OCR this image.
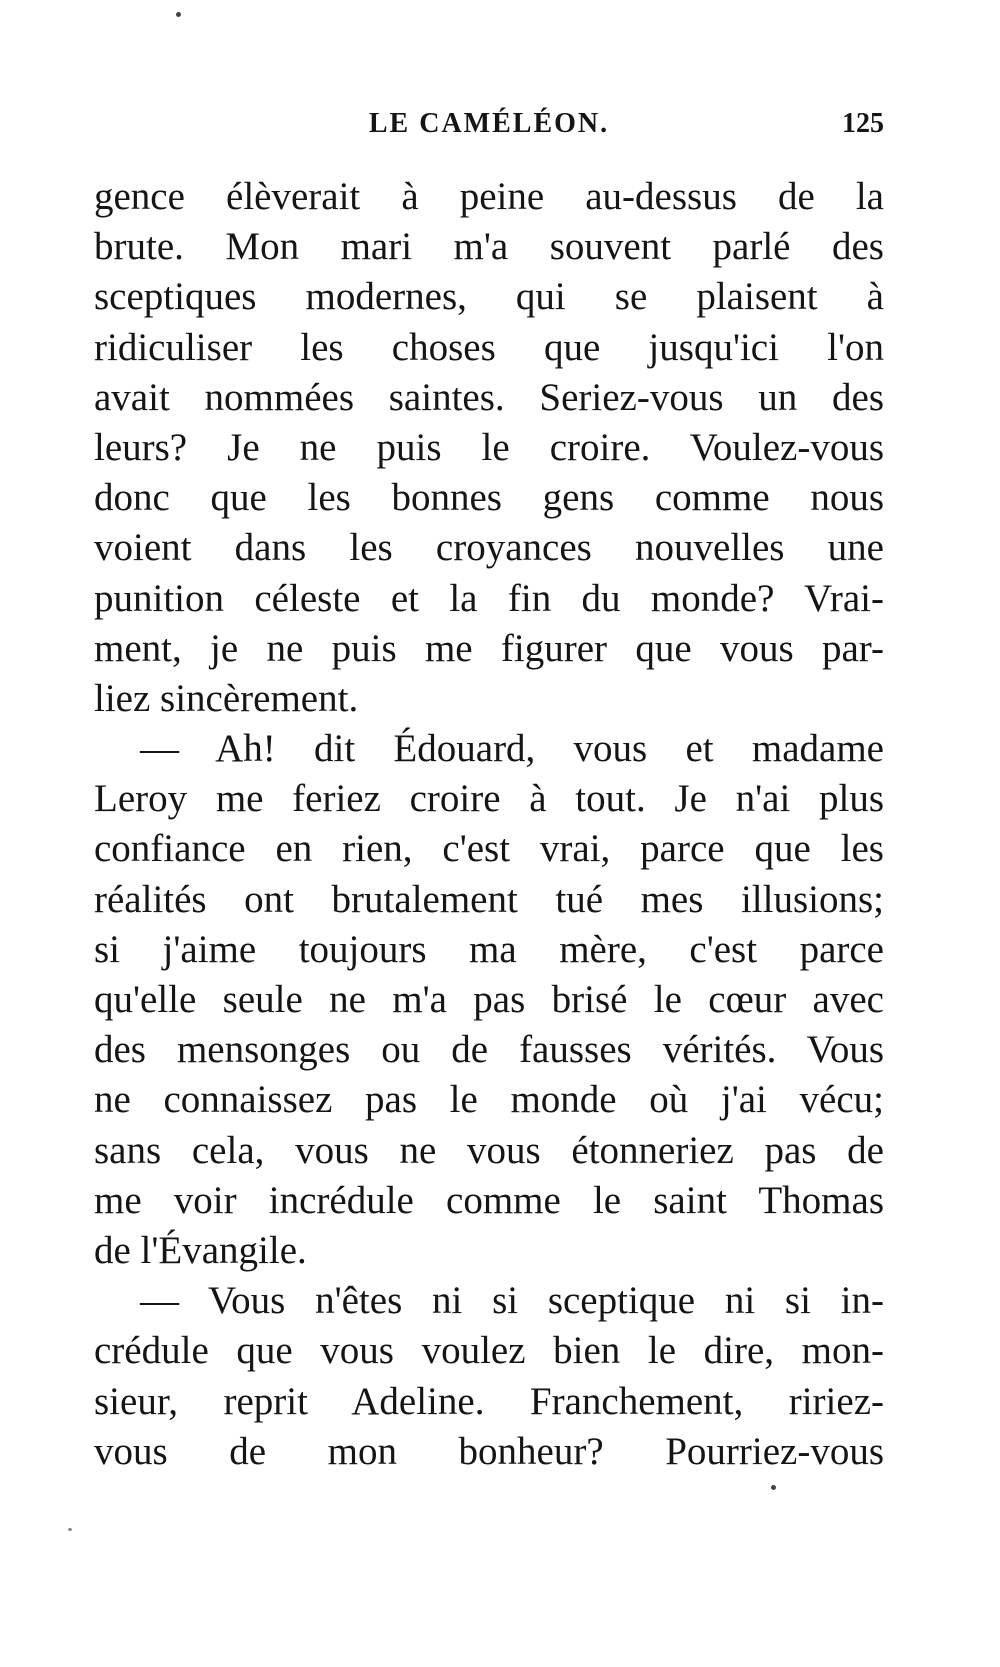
LE CAMÉLÉON.	125
gence élèverait à peine au-dessus de la
brute. Mon mari m'a souvent parlé des
sceptiques modernes, qui se plaisent à
ridiculiser les choses que jusqu'ici l'on
avait nommées saintes. Seriez-vous un des
leurs? Je ne puis le croire. Voulez-vous
donc que les bonnes gens comme nous
voient dans les croyances nouvelles une
punition céleste et la fin du monde? Vrai-
ment, je ne puis me figurer que vous par-
liez sincèrement.
— Ah! dit Édouard, vous et madame
Leroy me feriez croire à tout. Je n'ai plus
confiance en rien, c'est vrai, parce que les
réalités ont brutalement tué mes illusions;
si j'aime toujours ma mère, c'est parce
qu'elle seule ne m'a pas brisé le cœur avec
des mensonges ou de fausses vérités. Vous
ne connaissez pas le monde où j'ai vécu;
sans cela, vous ne vous étonneriez pas de
me voir incrédule comme le saint Thomas
de l'Évangile.
— Vous n'êtes ni si sceptique ni si in-
crédule que vous voulez bien le dire, mon-
sieur, reprit Adeline. Franchement, ririez-
vous de mon bonheur? Pourriez-vous
